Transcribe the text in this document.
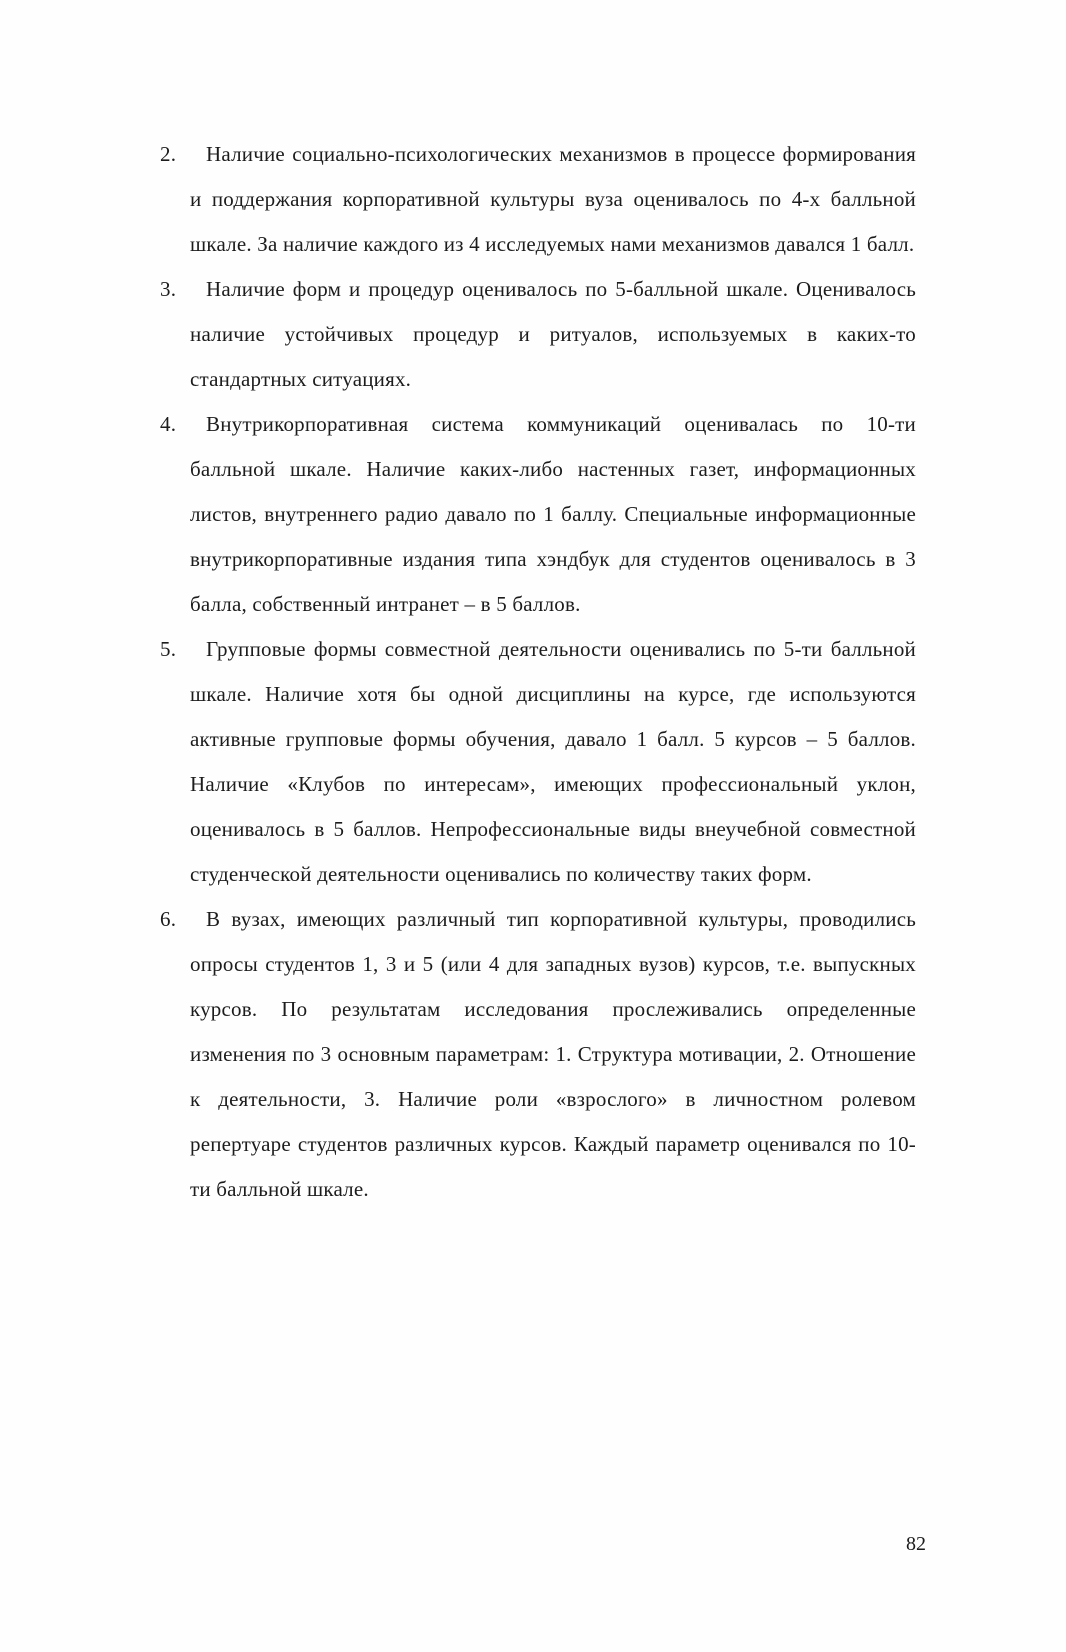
2.	Наличие социально-психологических механизмов в процессе формирования и поддержания корпоративной культуры вуза оценивалось по 4-х балльной шкале. За наличие каждого из 4 исследуемых нами механизмов давался 1 балл.
3.	Наличие форм и процедур оценивалось по 5-балльной шкале. Оценивалось наличие устойчивых процедур и ритуалов, используемых в каких-то стандартных ситуациях.
4.	Внутрикорпоративная система коммуникаций оценивалась по 10-ти балльной шкале. Наличие каких-либо настенных газет, информационных листов, внутреннего радио давало по 1 баллу. Специальные информационные внутрикорпоративные издания типа хэндбук для студентов оценивалось в 3 балла, собственный интранет – в 5 баллов.
5.	Групповые формы совместной деятельности оценивались по 5-ти балльной шкале. Наличие хотя бы одной дисциплины на курсе, где используются активные групповые формы обучения, давало 1 балл. 5 курсов – 5 баллов. Наличие «Клубов по интересам», имеющих профессиональный уклон, оценивалось в 5 баллов. Непрофессиональные виды внеучебной совместной студенческой деятельности оценивались по количеству таких форм.
6.	В вузах, имеющих различный тип корпоративной культуры, проводились опросы студентов 1, 3 и 5 (или 4 для западных вузов) курсов, т.е. выпускных курсов. По результатам исследования прослеживались определенные изменения по 3 основным параметрам: 1. Структура мотивации, 2. Отношение к деятельности, 3. Наличие роли «взрослого» в личностном ролевом репертуаре студентов различных курсов. Каждый параметр оценивался по 10-ти балльной шкале.
82
